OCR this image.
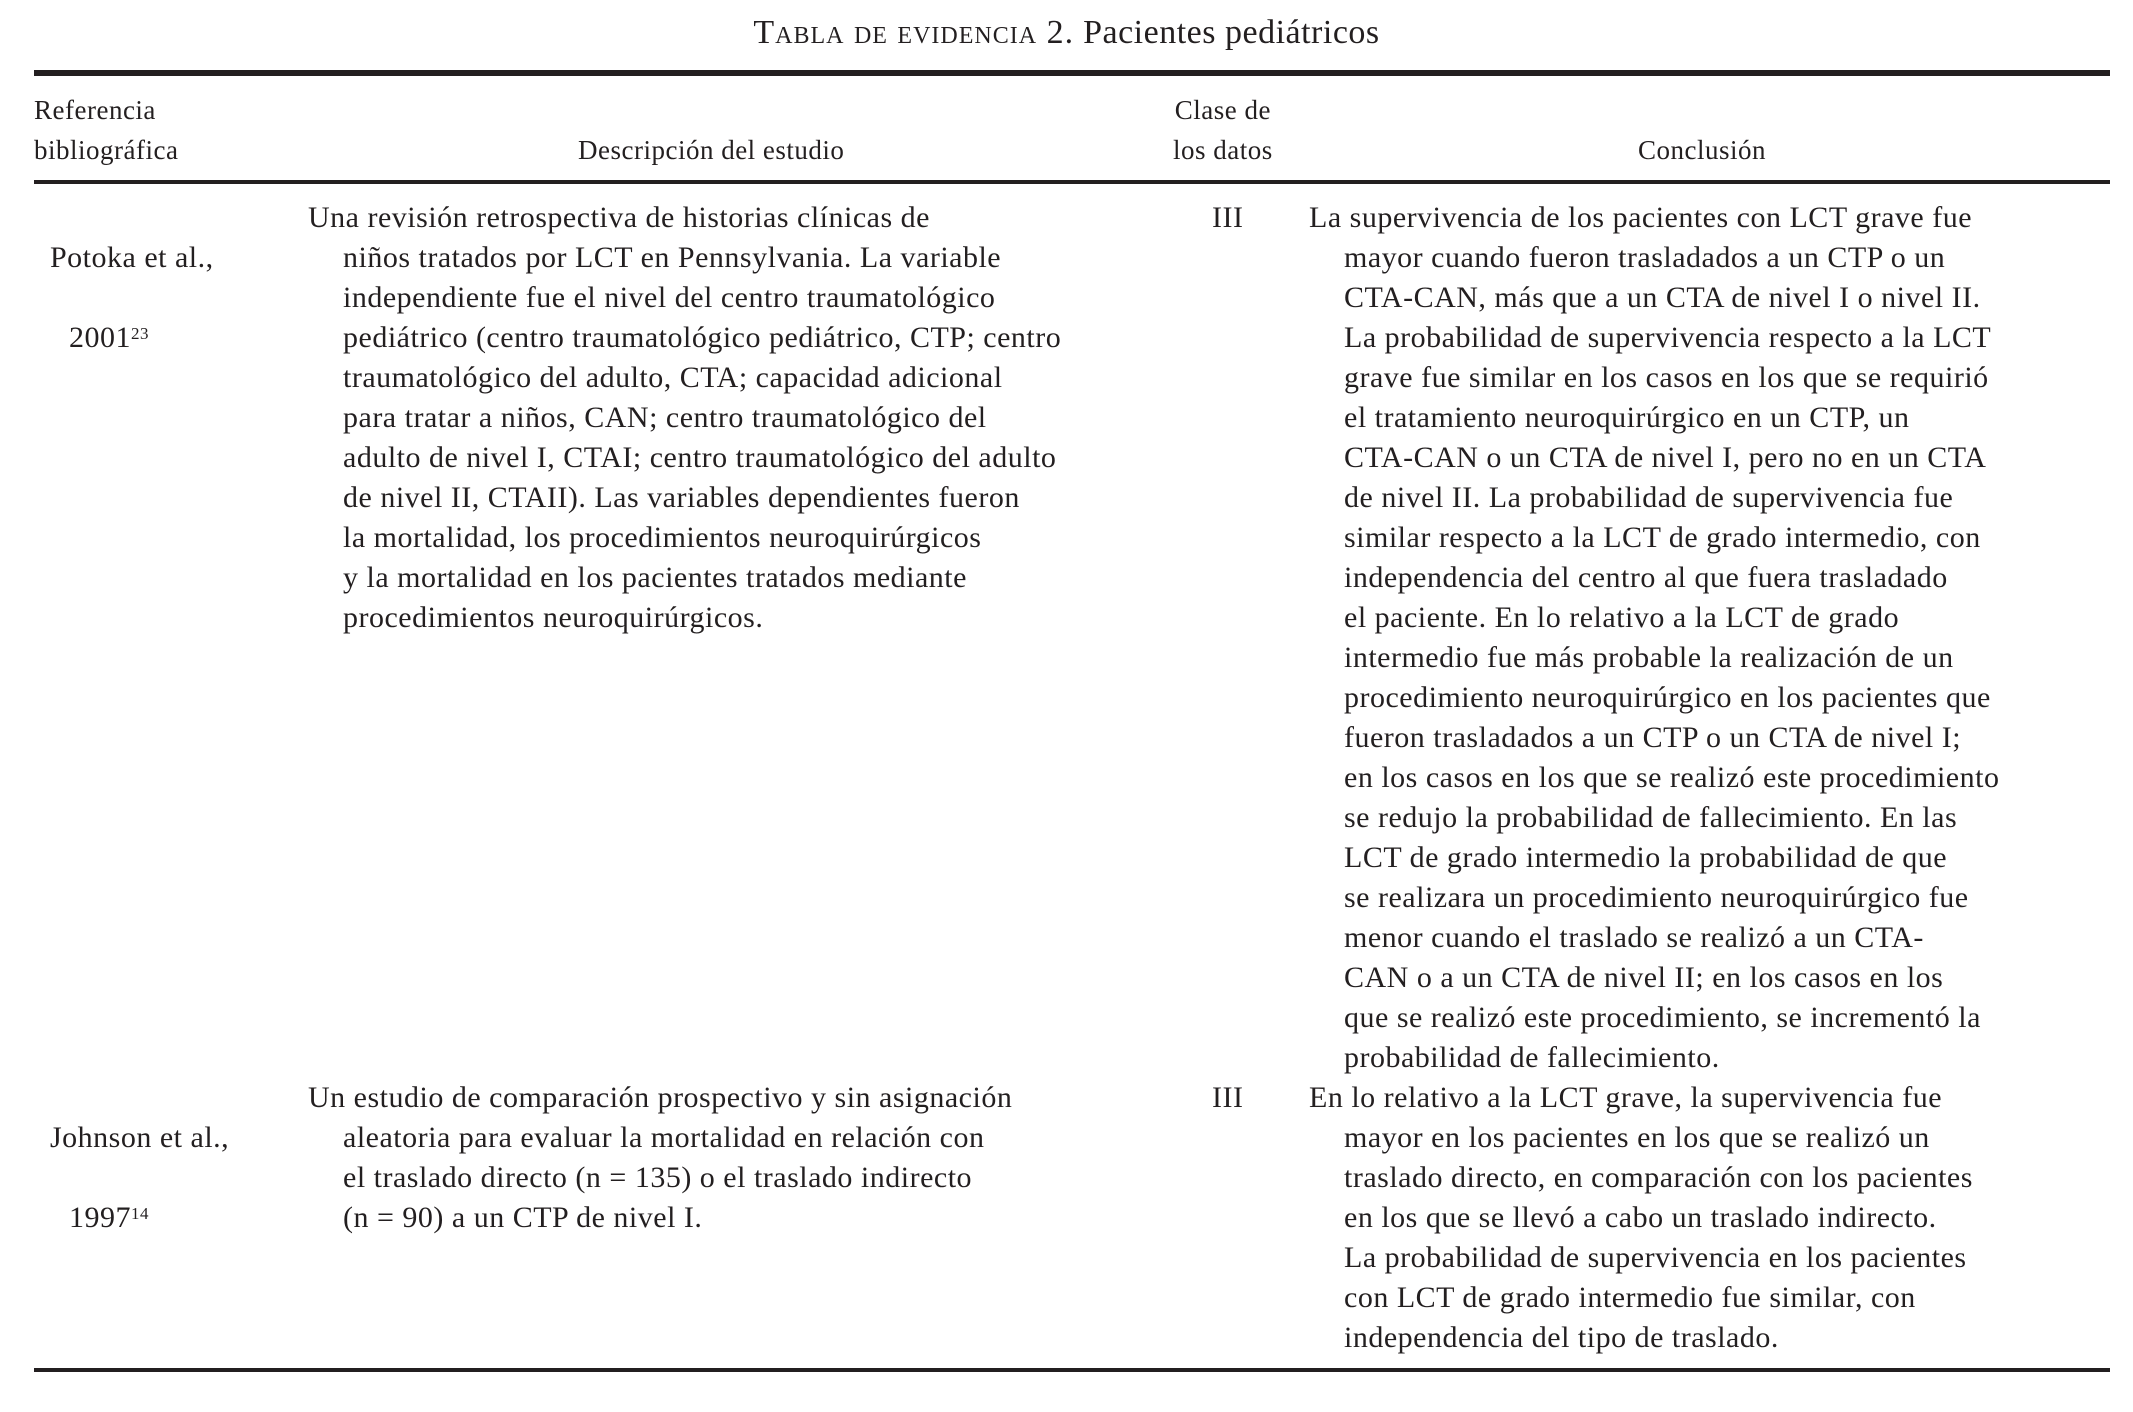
Tabla de evidencia 2. Pacientes pediátricos
Referencia
bibliográfica	Descripción del estudio
Clase de
los datos	Conclusión

Potoka et al.,

2001$^{23}$

Una revisión retrospectiva de historias clínicas de
niños tratados por LCT en Pennsylvania. La variable
independiente fue el nivel del centro traumatológico
pediátrico (centro traumatológico pediátrico, CTP; centro
traumatológico del adulto, CTA; capacidad adicional
para tratar a niños, CAN; centro traumatológico del
adulto de nivel I, CTAI; centro traumatológico del adulto
de nivel II, CTAII). Las variables dependientes fueron
la mortalidad, los procedimientos neuroquirúrgicos
y la mortalidad en los pacientes tratados mediante
procedimientos neuroquirúrgicos.
III La supervivencia de los pacientes con LCT grave fue
mayor cuando fueron trasladados a un CTP o un
CTA-CAN, más que a un CTA de nivel I o nivel II.
La probabilidad de supervivencia respecto a la LCT
grave fue similar en los casos en los que se requirió
el tratamiento neuroquirúrgico en un CTP, un
CTA-CAN o un CTA de nivel I, pero no en un CTA
de nivel II. La probabilidad de supervivencia fue
similar respecto a la LCT de grado intermedio, con
independencia del centro al que fuera trasladado
el paciente. En lo relativo a la LCT de grado
intermedio fue más probable la realización de un
procedimiento neuroquirúrgico en los pacientes que
fueron trasladados a un CTP o un CTA de nivel I;
en los casos en los que se realizó este procedimiento
se redujo la probabilidad de fallecimiento. En las
LCT de grado intermedio la probabilidad de que
se realizara un procedimiento neuroquirúrgico fue
menor cuando el traslado se realizó a un CTA-
CAN o a un CTA de nivel II; en los casos en los
que se realizó este procedimiento, se incrementó la
probabilidad de fallecimiento.

Johnson et al.,

1997$^{14}$

Un estudio de comparación prospectivo y sin asignación
aleatoria para evaluar la mortalidad en relación con
el traslado directo (n = 135) o el traslado indirecto
(n = 90) a un CTP de nivel I.
III En lo relativo a la LCT grave, la supervivencia fue
mayor en los pacientes en los que se realizó un
traslado directo, en comparación con los pacientes
en los que se llevó a cabo un traslado indirecto.
La probabilidad de supervivencia en los pacientes
con LCT de grado intermedio fue similar, con
independencia del tipo de traslado.
